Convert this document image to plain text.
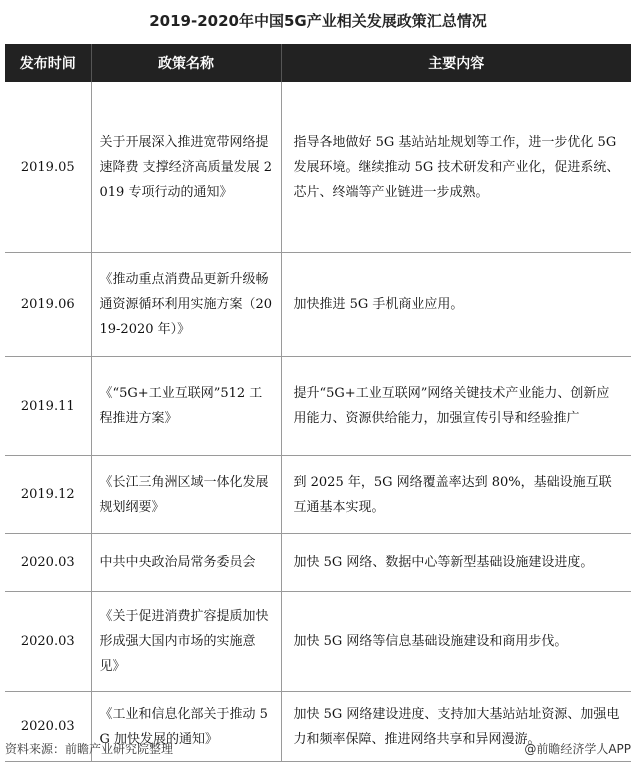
2019-2020年中国5G产业相关发展政策汇总情况
发布时间	政策名称	主要内容
2019.05	关于开展深入推进宽带网络提速降费 支撑经济高质量发展 2019 专项行动的通知》	指导各地做好 5G 基站站址规划等工作，进一步优化 5G 发展环境。继续推动 5G 技术研发和产业化，促进系统、芯片、终端等产业链进一步成熟。
2019.06	《推动重点消费品更新升级畅通资源循环利用实施方案（2019-2020 年）》	加快推进 5G 手机商业应用。
2019.11	《“5G+工业互联网”512 工程推进方案》	提升“5G+工业互联网”网络关键技术产业能力、创新应用能力、资源供给能力，加强宣传引导和经验推广
2019.12	《长江三角洲区域一体化发展规划纲要》	到 2025 年，5G 网络覆盖率达到 80%，基础设施互联互通基本实现。
2020.03	中共中央政治局常务委员会	加快 5G 网络、数据中心等新型基础设施建设进度。
2020.03	《关于促进消费扩容提质加快形成强大国内市场的实施意见》	加快 5G 网络等信息基础设施建设和商用步伐。
2020.03	《工业和信息化部关于推动 5G 加快发展的通知》	加快 5G 网络建设进度、支持加大基站站址资源、加强电力和频率保障、推进网络共享和异网漫游。
资料来源：前瞻产业研究院整理	@前瞻经济学人APP
